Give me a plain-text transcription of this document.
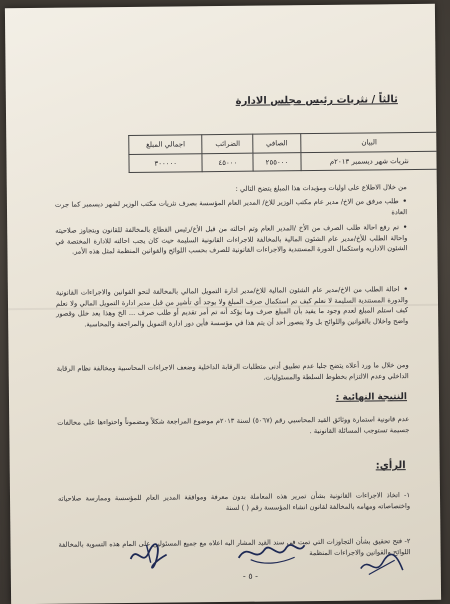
ثالثاً / نثريات رئيس مجلس الادارة
البيان	الصافي	الضرائب	اجمالي المبلغ
نثريات شهر ديسمبر ٢٠١٣م	٢٥٥٠٠٠	٤٥٠٠٠	٣٠٠٠٠٠
من خلال الاطلاع على اوليات ومؤيدات هذا المبلغ يتضح التالي :
•طلب مرفق من الاخ/ مدير عام مكتب الوزير للاخ/ المدير العام المؤسسة بصرف نثريات مكتب الوزير لشهر ديسمبر كما جرت العادة
•تم رفع احالة طلب الصرف من الأخ /المدير العام وتم احالته من قبل الأخ/رئيس القطاع بالمخالفة للقانون وبتجاوز صلاحيته واحالة الطلب للأخ/مدير عام الشئون المالية بالمخالفة للاجراءات القانونية السليمة حيث كان يجب احالته للادارة المختصة في الشئون الاداريه واستكمال الدورة المستندية والاجراءات القانونية للصرف بحسب اللوائح والقوانين المنظمة لمثل هذه الأمر.
•احالة الطلب من الاخ/مدير عام الشئون المالية للاخ/مدير ادارة التمويل المالي بالمخالفة لنحو القوانين والاجراءات القانونية والدورة المستندية السليمة لا نعلم كيف تم استكمال صرف المبلغ ولا يوجد أي تأشير من قبل مدير ادارة التمويل المالي ولا نعلم كيف استلم المبلغ لعدم وجود ما يفيد بأن المبلغ صرف وما يؤكد أنه تم أمر تقديم أو طلب صرف ... الخ وهذا يعد خلل وقصور واضح واخلال بالقوانين واللوائح بل ولا يتصور أحد أن يتم هذا في مؤسسة فأين دور ادارة التمويل والمراجعة والمحاسبة.
ومن خلال ما ورد أعلاه يتضح جليا عدم تطبيق أدنى متطلبات الرقابة الداخلية وضعف الاجراءات المحاسبية ومخالفة نظام الرقابة الداخلي وعدم الالتزام بخطوط السلطة والمسئوليات.
النتيجة النهائية :
عدم قانونية استمارة ووثائق القيد المحاسبي رقم (٥٠٦٧) لسنة ٢٠١٣م موضوع المراجعة شكلاً ومضموناً واحتواءها على مخالفات جسيمة تستوجب المسائلة القانونية .
الرأي:
١- اتخاذ الاجراءات القانونية بشأن تمرير هذه المعاملة بدون معرفة وموافقة المدير العام للمؤسسة وممارسة صلاحياته واختصاصاته ومهامه بالمخالفة لقانون انشاء المؤسسة رقم ( ) لسنة
٢- فتح تحقيق بشأن التجاوزات التي تمت في سند القيد المشار اليه اعلاه مع جميع المسئولين على المام هذه التسوية بالمخالفة اللوائح والقوانين والاجراءات المنظمة
- ٥ -
